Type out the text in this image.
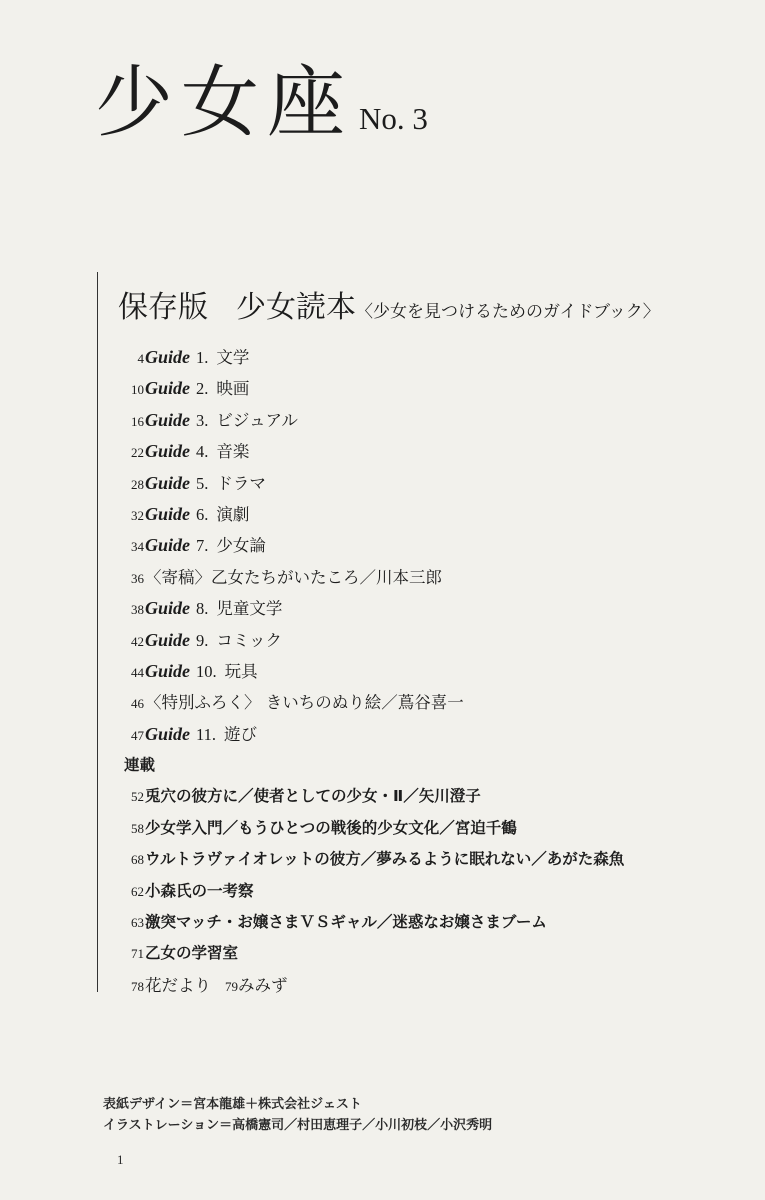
少女座 No. 3
保存版 少女読本〈少女を見つけるためのガイドブック〉
4Guide 1. 文学
10Guide 2. 映画
16Guide 3. ビジュアル
22Guide 4. 音楽
28Guide 5. ドラマ
32Guide 6. 演劇
34Guide 7. 少女論
36〈寄稿〉乙女たちがいたころ／川本三郎
38Guide 8. 児童文学
42Guide 9. コミック
44Guide 10. 玩具
46〈特別ふろく〉 きいちのぬり絵／蔦谷喜一
47Guide 11. 遊び
連載
52兎穴の彼方に／使者としての少女・Ⅱ／矢川澄子
58少女学入門／もうひとつの戦後的少女文化／宮迫千鶴
68ウルトラヴァイオレットの彼方／夢みるように眠れない／あがた森魚
62小森氏の一考察
63激突マッチ・お嬢さまＶＳギャル／迷惑なお嬢さまブーム
71乙女の学習室
78花だより 79みみず
表紙デザイン＝宮本龍雄＋株式会社ジェスト
イラストレーション＝高橋憲司／村田恵理子／小川初枝／小沢秀明
1
